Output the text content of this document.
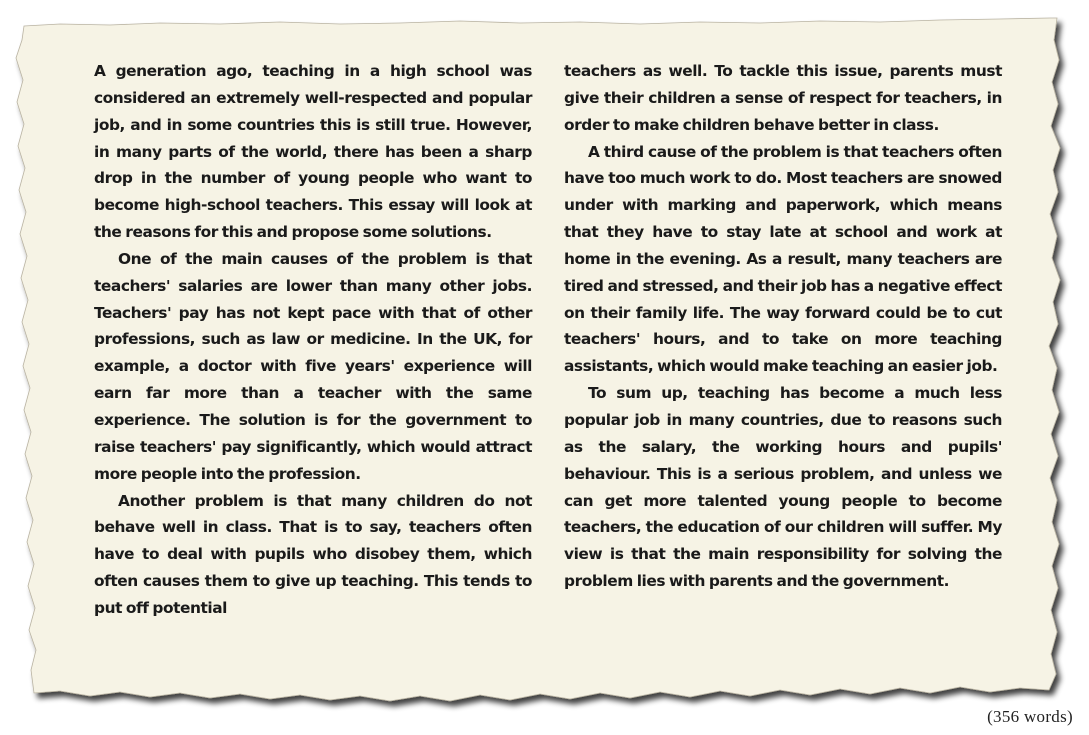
A generation ago, teaching in a high school was considered an extremely well-respected and popular job, and in some countries this is still true. However, in many parts of the world, there has been a sharp drop in the number of young people who want to become high-school teachers. This essay will look at the reasons for this and propose some solutions.

One of the main causes of the problem is that teachers' salaries are lower than many other jobs. Teachers' pay has not kept pace with that of other professions, such as law or medicine. In the UK, for example, a doctor with five years' experience will earn far more than a teacher with the same experience. The solution is for the government to raise teachers' pay significantly, which would attract more people into the profession.

Another problem is that many children do not behave well in class. That is to say, teachers often have to deal with pupils who disobey them, which often causes them to give up teaching. This tends to put off potential

teachers as well. To tackle this issue, parents must give their children a sense of respect for teachers, in order to make children behave better in class.

A third cause of the problem is that teachers often have too much work to do. Most teachers are snowed under with marking and paperwork, which means that they have to stay late at school and work at home in the evening. As a result, many teachers are tired and stressed, and their job has a negative effect on their family life. The way forward could be to cut teachers' hours, and to take on more teaching assistants, which would make teaching an easier job.

To sum up, teaching has become a much less popular job in many countries, due to reasons such as the salary, the working hours and pupils' behaviour. This is a serious problem, and unless we can get more talented young people to become teachers, the education of our children will suffer. My view is that the main responsibility for solving the problem lies with parents and the government.

(356 words)
